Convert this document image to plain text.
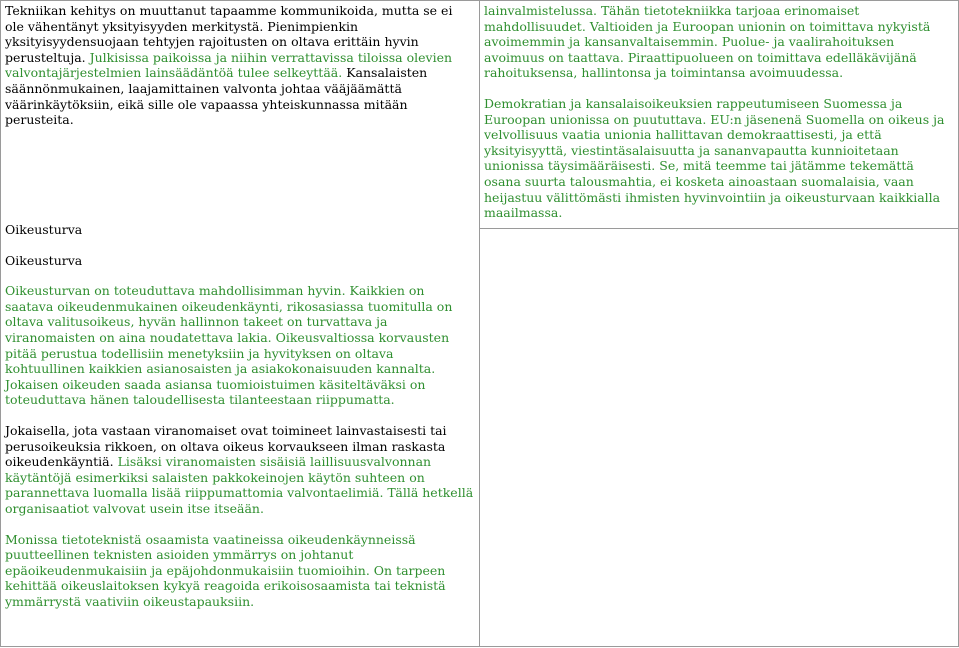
Tekniikan kehitys on muuttanut tapaamme kommunikoida, mutta se ei ole vähentänyt yksityisyyden merkitystä. Pienimpienkin yksityisyydensuojaan tehtyjen rajoitusten on oltava erittäin hyvin perusteltuja. Julkisissa paikoissa ja niihin verrattavissa tiloissa olevien valvontajärjestelmien lainsäädäntöä tulee selkeyttää. Kansalaisten säännönmukainen, laajamittainen valvonta johtaa vääjäämättä väärinkäytöksiin, eikä sille ole vapaassa yhteiskunnassa mitään perusteita.

Oikeusturva

Oikeusturva

Oikeusturvan on toteuduttava mahdollisimman hyvin. Kaikkien on saatava oikeudenmukainen oikeudenkäynti, rikosasiassa tuomitulla on oltava valitusoikeus, hyvän hallinnon takeet on turvattava ja viranomaisten on aina noudatettava lakia. Oikeusvaltiossa korvausten pitää perustua todellisiin menetyksiin ja hyvityksen on oltava kohtuullinen kaikkien asianosaisten ja asiakokonaisuuden kannalta. Jokaisen oikeuden saada asiansa tuomioistuimen käsiteltäväksi on toteuduttava hänen taloudellisesta tilanteestaan riippumatta.

Jokaisella, jota vastaan viranomaiset ovat toimineet lainvastaisesti tai perusoikeuksia rikkoen, on oltava oikeus korvaukseen ilman raskasta oikeudenkäyntiä. Lisäksi viranomaisten sisäisiä laillisuusvalvonnan käytäntöjä esimerkiksi salaisten pakkokeinojen käytön suhteen on parannettava luomalla lisää riippumattomia valvontaelimiä. Tällä hetkellä organisaatiot valvovat usein itse itseään.

Monissa tietoteknistä osaamista vaatineissa oikeudenkäynneissä puutteellinen teknisten asioiden ymmärrys on johtanut epäoikeudenmukaisiin ja epäjohdonmukaisiin tuomioihin. On tarpeen kehittää oikeuslaitoksen kykyä reagoida erikoisosaamista tai teknistä ymmärrystä vaativiin oikeustapauksiin.

lainvalmistelussa. Tähän tietotekniikka tarjoaa erinomaiset mahdollisuudet. Valtioiden ja Euroopan unionin on toimittava nykyistä avoimemmin ja kansanvaltaisemmin. Puolue- ja vaalirahoituksen avoimuus on taattava. Piraattipuolueen on toimittava edelläkävijänä rahoituksensa, hallintonsa ja toimintansa avoimuudessa.

Demokratian ja kansalaisoikeuksien rappeutumiseen Suomessa ja Euroopan unionissa on puututtava. EU:n jäsenenä Suomella on oikeus ja velvollisuus vaatia unionia hallittavan demokraattisesti, ja että yksityisyyttä, viestintäsalaisuutta ja sananvapautta kunnioitetaan unionissa täysimääräisesti. Se, mitä teemme tai jätämme tekemättä osana suurta talousmahtia, ei kosketa ainoastaan suomalaisia, vaan heijastuu välittömästi ihmisten hyvinvointiin ja oikeusturvaan kaikkialla maailmassa.
